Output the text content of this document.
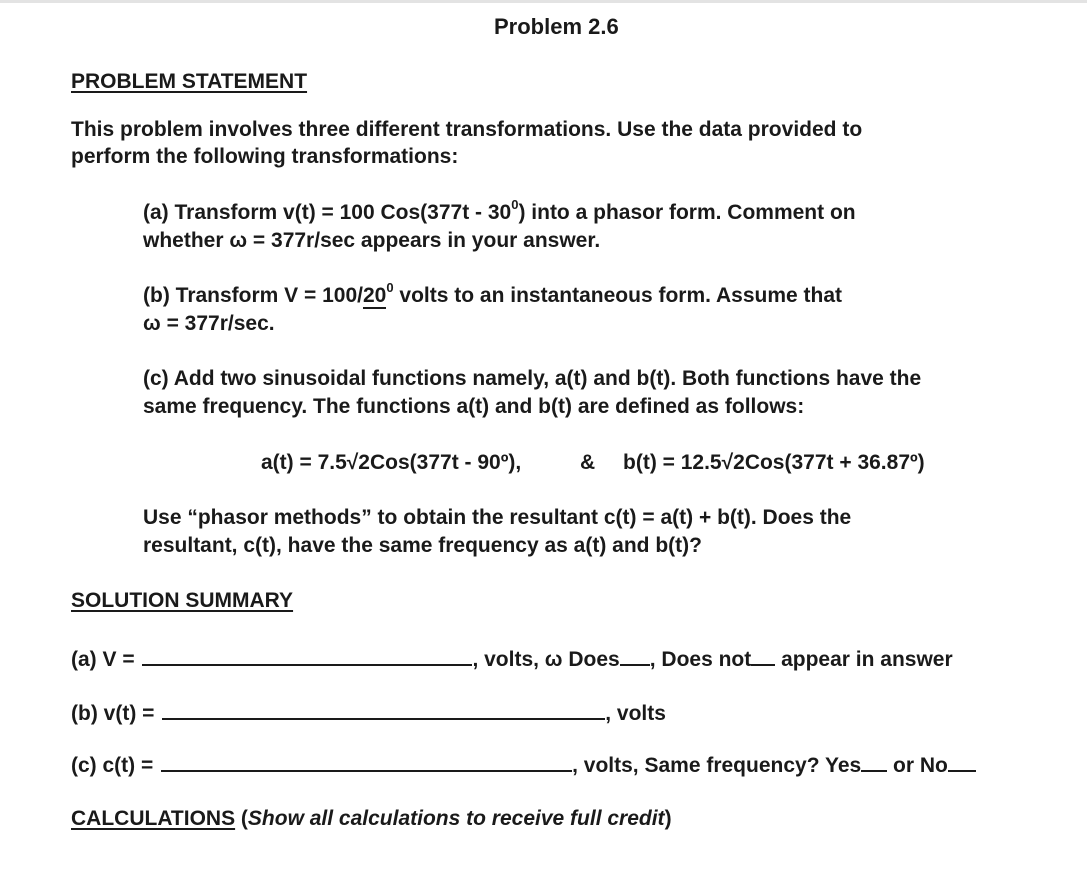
Problem 2.6
PROBLEM STATEMENT
This problem involves three different transformations. Use the data provided to
perform the following transformations:
(a) Transform v(t) = 100 $Cos(377t - 30^0)$ into a phasor form. Comment on
whether ω = 377r/sec appears in your answer.
(b) Transform $V = 100/20^0$ volts to an instantaneous form. Assume that
ω = 377r/sec.
(c) Add two sinusoidal functions namely, a(t) and b(t). Both functions have the
same frequency. The functions a(t) and b(t) are defined as follows:
a(t) = 7.5√2Cos(377t - 90º),	& b(t) = 12.5√2Cos(377t + 36.87º)
Use “phasor methods” to obtain the resultant c(t) = a(t) + b(t). Does the
resultant, c(t), have the same frequency as a(t) and b(t)?
SOLUTION SUMMARY
(a) V =	, volts, ω Does , Does not appear in answer
(b) v(t) =	, volts
(c) c(t) =	, volts, Same frequency? Yes or No
CALCULATIONS (Show all calculations to receive full credit)
